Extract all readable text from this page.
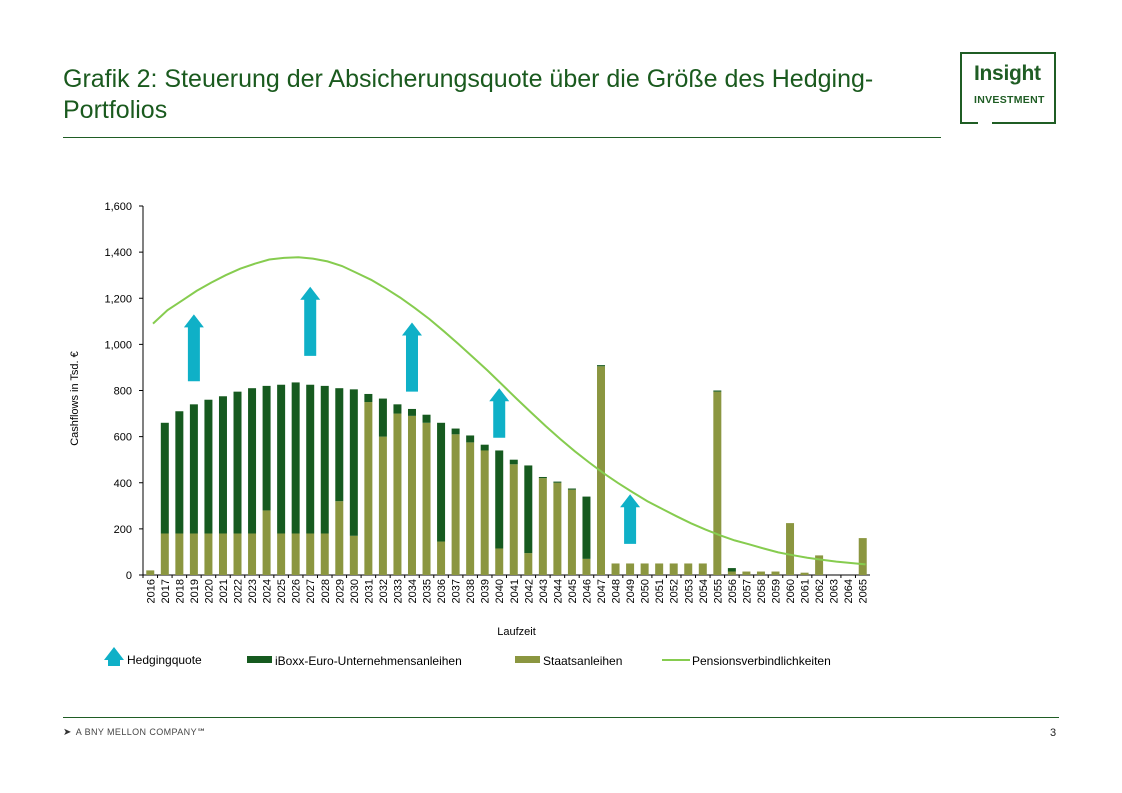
Grafik 2: Steuerung der Absicherungsquote über die Größe des Hedging-Portfolios
Insight
INVESTMENT
0
200
400
600
800
1,000
1,200
1,400
1,600
Cashflows in Tsd. €
2016 2017 2018 2019 2020 2021 2022 2023 2024 2025 2026 2027 2028 2029 2030 2031 2032 2033 2034 2035 2036 2037 2038 2039 2040 2041 2042 2043 2044 2045 2046 2047 2048 2049 2050 2051 2052 2053 2054 2055 2056 2057 2058 2059 2060 2061 2062 2063 2064 2065
Laufzeit
Hedgingquote	iBoxx-Euro-Unternehmensanleihen	Staatsanleihen	Pensionsverbindlichkeiten
➤ A BNY MELLON COMPANY℠	3
